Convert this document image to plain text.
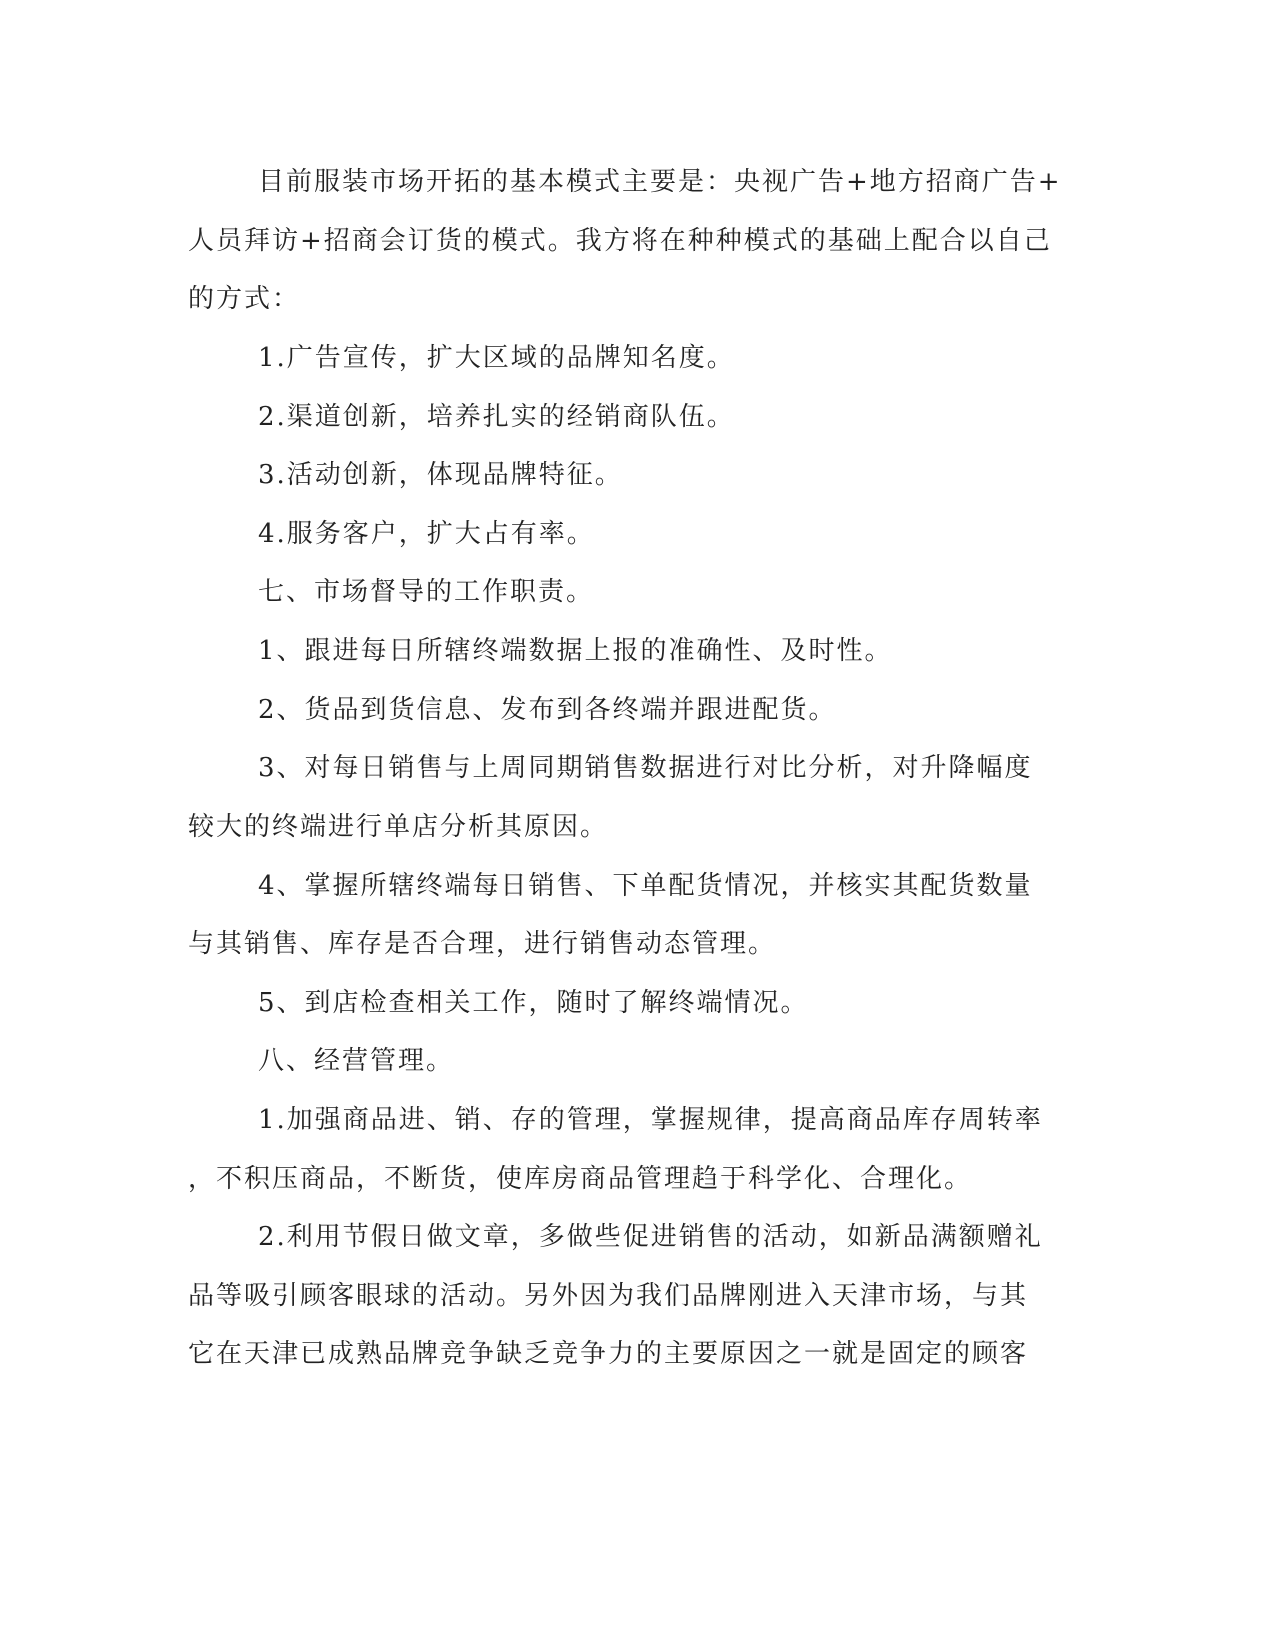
目前服装市场开拓的基本模式主要是：央视广告+地方招商广告+
人员拜访+招商会订货的模式。我方将在种种模式的基础上配合以自己
的方式：
1.广告宣传，扩大区域的品牌知名度。
2.渠道创新，培养扎实的经销商队伍。
3.活动创新，体现品牌特征。
4.服务客户，扩大占有率。
七、市场督导的工作职责。
1、跟进每日所辖终端数据上报的准确性、及时性。
2、货品到货信息、发布到各终端并跟进配货。
3、对每日销售与上周同期销售数据进行对比分析，对升降幅度
较大的终端进行单店分析其原因。
4、掌握所辖终端每日销售、下单配货情况，并核实其配货数量
与其销售、库存是否合理，进行销售动态管理。
5、到店检查相关工作，随时了解终端情况。
八、经营管理。
1.加强商品进、销、存的管理，掌握规律，提高商品库存周转率
，不积压商品，不断货，使库房商品管理趋于科学化、合理化。
2.利用节假日做文章，多做些促进销售的活动，如新品满额赠礼
品等吸引顾客眼球的活动。另外因为我们品牌刚进入天津市场，与其
它在天津已成熟品牌竞争缺乏竞争力的主要原因之一就是固定的顾客
